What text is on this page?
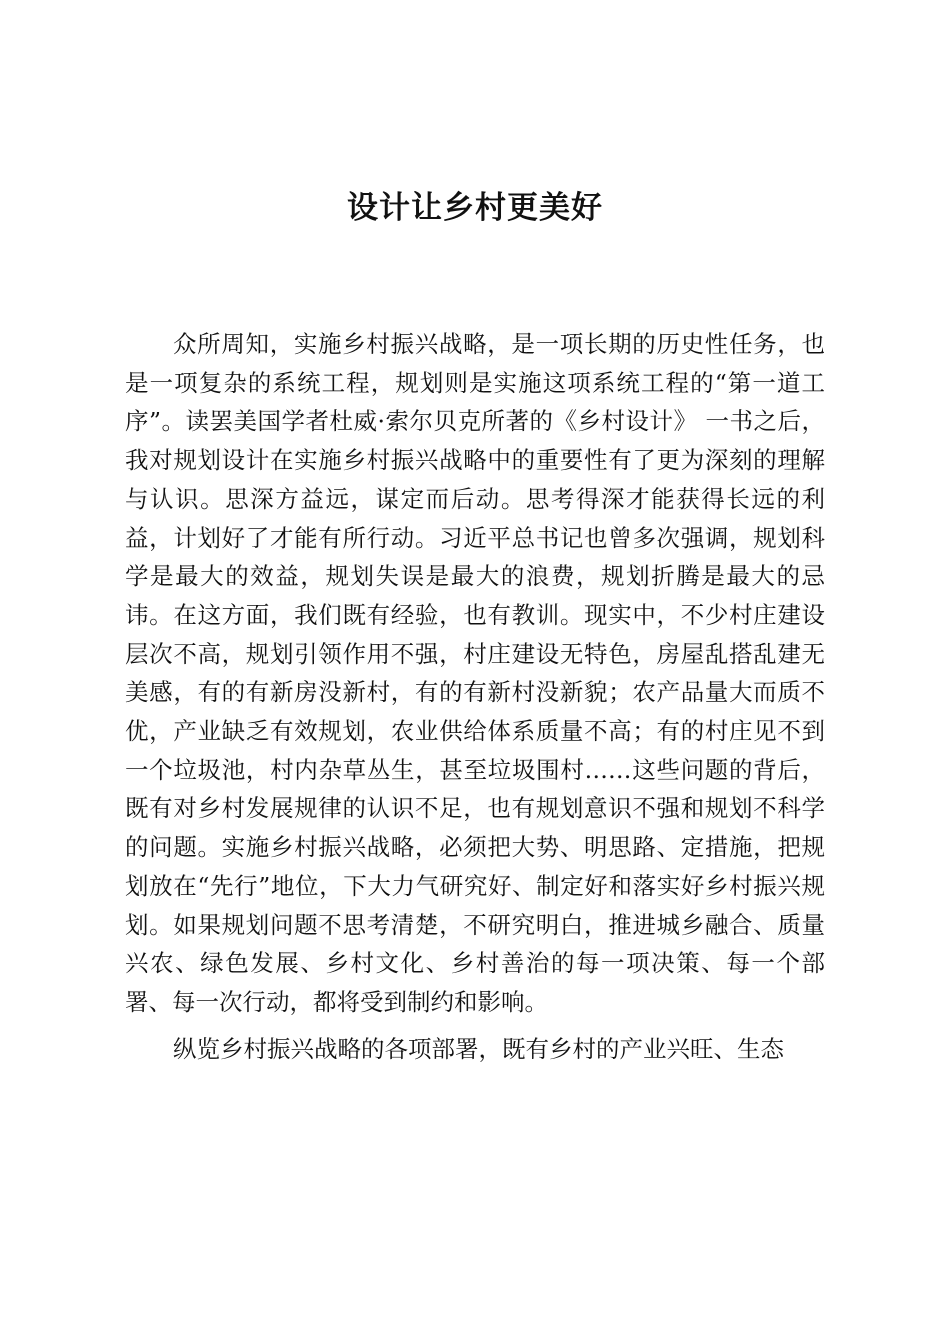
设计让乡村更美好

众所周知，实施乡村振兴战略，是一项长期的历史性任务，也是一项复杂的系统工程，规划则是实施这项系统工程的“第一道工序”。读罢美国学者杜威·索尔贝克所著的《乡村设计》 一书之后，我对规划设计在实施乡村振兴战略中的重要性有了更为深刻的理解与认识。思深方益远，谋定而后动。思考得深才能获得长远的利益，计划好了才能有所行动。习近平总书记也曾多次强调，规划科学是最大的效益，规划失误是最大的浪费，规划折腾是最大的忌讳。在这方面，我们既有经验，也有教训。现实中，不少村庄建设层次不高，规划引领作用不强，村庄建设无特色，房屋乱搭乱建无美感，有的有新房没新村，有的有新村没新貌；农产品量大而质不优，产业缺乏有效规划，农业供给体系质量不高；有的村庄见不到一个垃圾池，村内杂草丛生，甚至垃圾围村……这些问题的背后，既有对乡村发展规律的认识不足，也有规划意识不强和规划不科学的问题。实施乡村振兴战略，必须把大势、明思路、定措施，把规划放在“先行”地位，下大力气研究好、制定好和落实好乡村振兴规划。如果规划问题不思考清楚，不研究明白，推进城乡融合、质量兴农、绿色发展、乡村文化、乡村善治的每一项决策、每一个部署、每一次行动，都将受到制约和影响。

纵览乡村振兴战略的各项部署，既有乡村的产业兴旺、生态
